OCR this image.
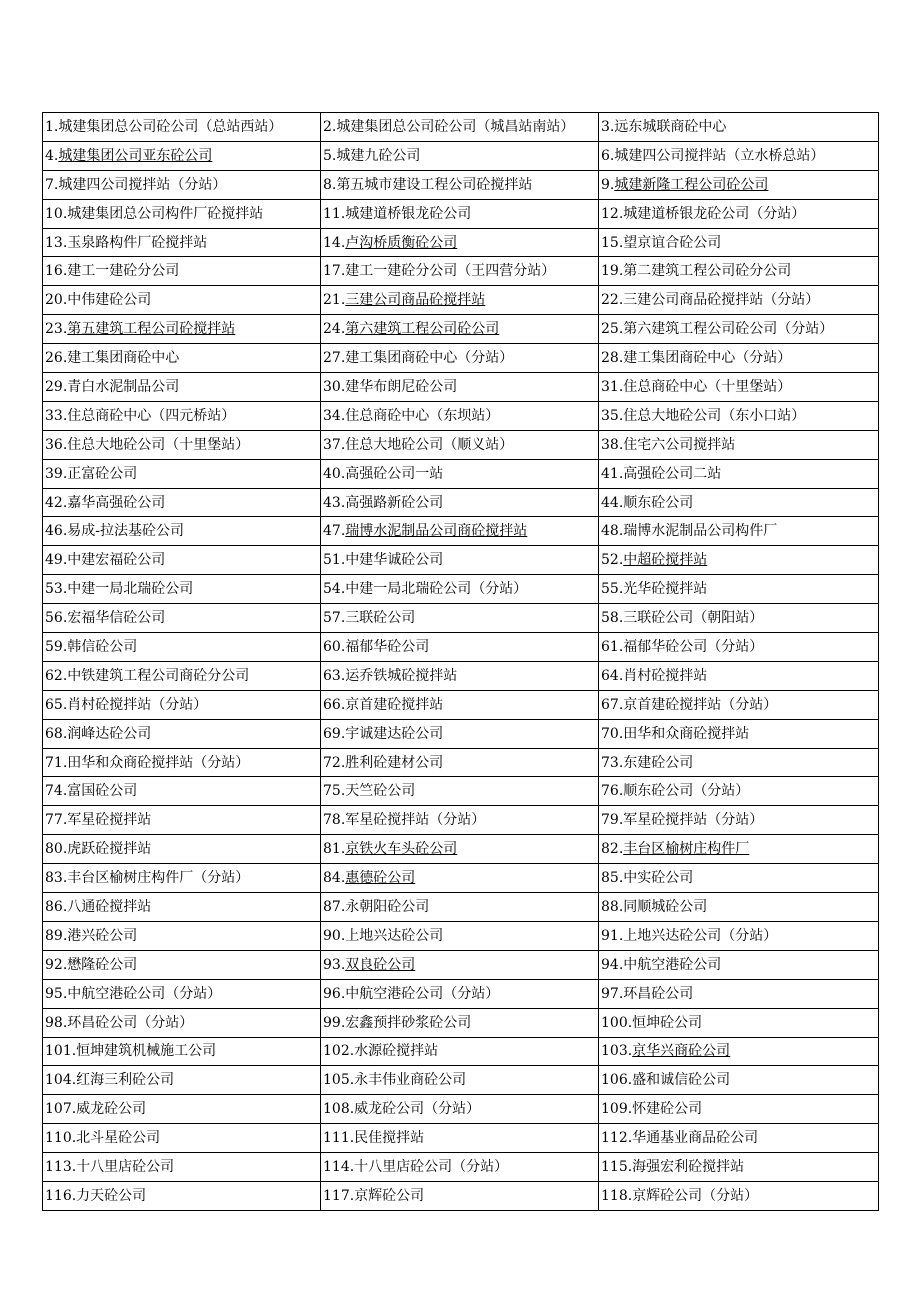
1.城建集团总公司砼公司（总站西站）	2.城建集团总公司砼公司（城昌站南站）	3.远东城联商砼中心
4.城建集团公司亚东砼公司	5.城建九砼公司	6.城建四公司搅拌站（立水桥总站）
7.城建四公司搅拌站（分站）	8.第五城市建设工程公司砼搅拌站	9.城建新隆工程公司砼公司
10.城建集团总公司构件厂砼搅拌站	11.城建道桥银龙砼公司	12.城建道桥银龙砼公司（分站）
13.玉泉路构件厂砼搅拌站	14.卢沟桥质衡砼公司	15.望京谊合砼公司
16.建工一建砼分公司	17.建工一建砼分公司（王四营分站）	19.第二建筑工程公司砼分公司
20.中伟建砼公司	21.三建公司商品砼搅拌站	22.三建公司商品砼搅拌站（分站）
23.第五建筑工程公司砼搅拌站	24.第六建筑工程公司砼公司	25.第六建筑工程公司砼公司（分站）
26.建工集团商砼中心	27.建工集团商砼中心（分站）	28.建工集团商砼中心（分站）
29.青白水泥制品公司	30.建华布朗尼砼公司	31.住总商砼中心（十里堡站）
33.住总商砼中心（四元桥站）	34.住总商砼中心（东坝站）	35.住总大地砼公司（东小口站）
36.住总大地砼公司（十里堡站）	37.住总大地砼公司（顺义站）	38.住宅六公司搅拌站
39.正富砼公司	40.高强砼公司一站	41.高强砼公司二站
42.嘉华高强砼公司	43.高强路新砼公司	44.顺东砼公司
46.易成-拉法基砼公司	47.瑞博水泥制品公司商砼搅拌站	48.瑞博水泥制品公司构件厂
49.中建宏福砼公司	51.中建华诚砼公司	52.中超砼搅拌站
53.中建一局北瑞砼公司	54.中建一局北瑞砼公司（分站）	55.光华砼搅拌站
56.宏福华信砼公司	57.三联砼公司	58.三联砼公司（朝阳站）
59.韩信砼公司	60.福郁华砼公司	61.福郁华砼公司（分站）
62.中铁建筑工程公司商砼分公司	63.运乔铁城砼搅拌站	64.肖村砼搅拌站
65.肖村砼搅拌站（分站）	66.京首建砼搅拌站	67.京首建砼搅拌站（分站）
68.润峰达砼公司	69.宇诚建达砼公司	70.田华和众商砼搅拌站
71.田华和众商砼搅拌站（分站）	72.胜利砼建材公司	73.东建砼公司
74.富国砼公司	75.天竺砼公司	76.顺东砼公司（分站）
77.军星砼搅拌站	78.军星砼搅拌站（分站）	79.军星砼搅拌站（分站）
80.虎跃砼搅拌站	81.京铁火车头砼公司	82.丰台区榆树庄构件厂
83.丰台区榆树庄构件厂（分站）	84.惠德砼公司	85.中实砼公司
86.八通砼搅拌站	87.永朝阳砼公司	88.同顺城砼公司
89.港兴砼公司	90.上地兴达砼公司	91.上地兴达砼公司（分站）
92.懋隆砼公司	93.双良砼公司	94.中航空港砼公司
95.中航空港砼公司（分站）	96.中航空港砼公司（分站）	97.环昌砼公司
98.环昌砼公司（分站）	99.宏鑫预拌砂浆砼公司	100.恒坤砼公司
101.恒坤建筑机械施工公司	102.水源砼搅拌站	103.京华兴商砼公司
104.红海三利砼公司	105.永丰伟业商砼公司	106.盛和诚信砼公司
107.威龙砼公司	108.威龙砼公司（分站）	109.怀建砼公司
110.北斗星砼公司	111.民佳搅拌站	112.华通基业商品砼公司
113.十八里店砼公司	114.十八里店砼公司（分站）	115.海强宏利砼搅拌站
116.力天砼公司	117.京辉砼公司	118.京辉砼公司（分站）
